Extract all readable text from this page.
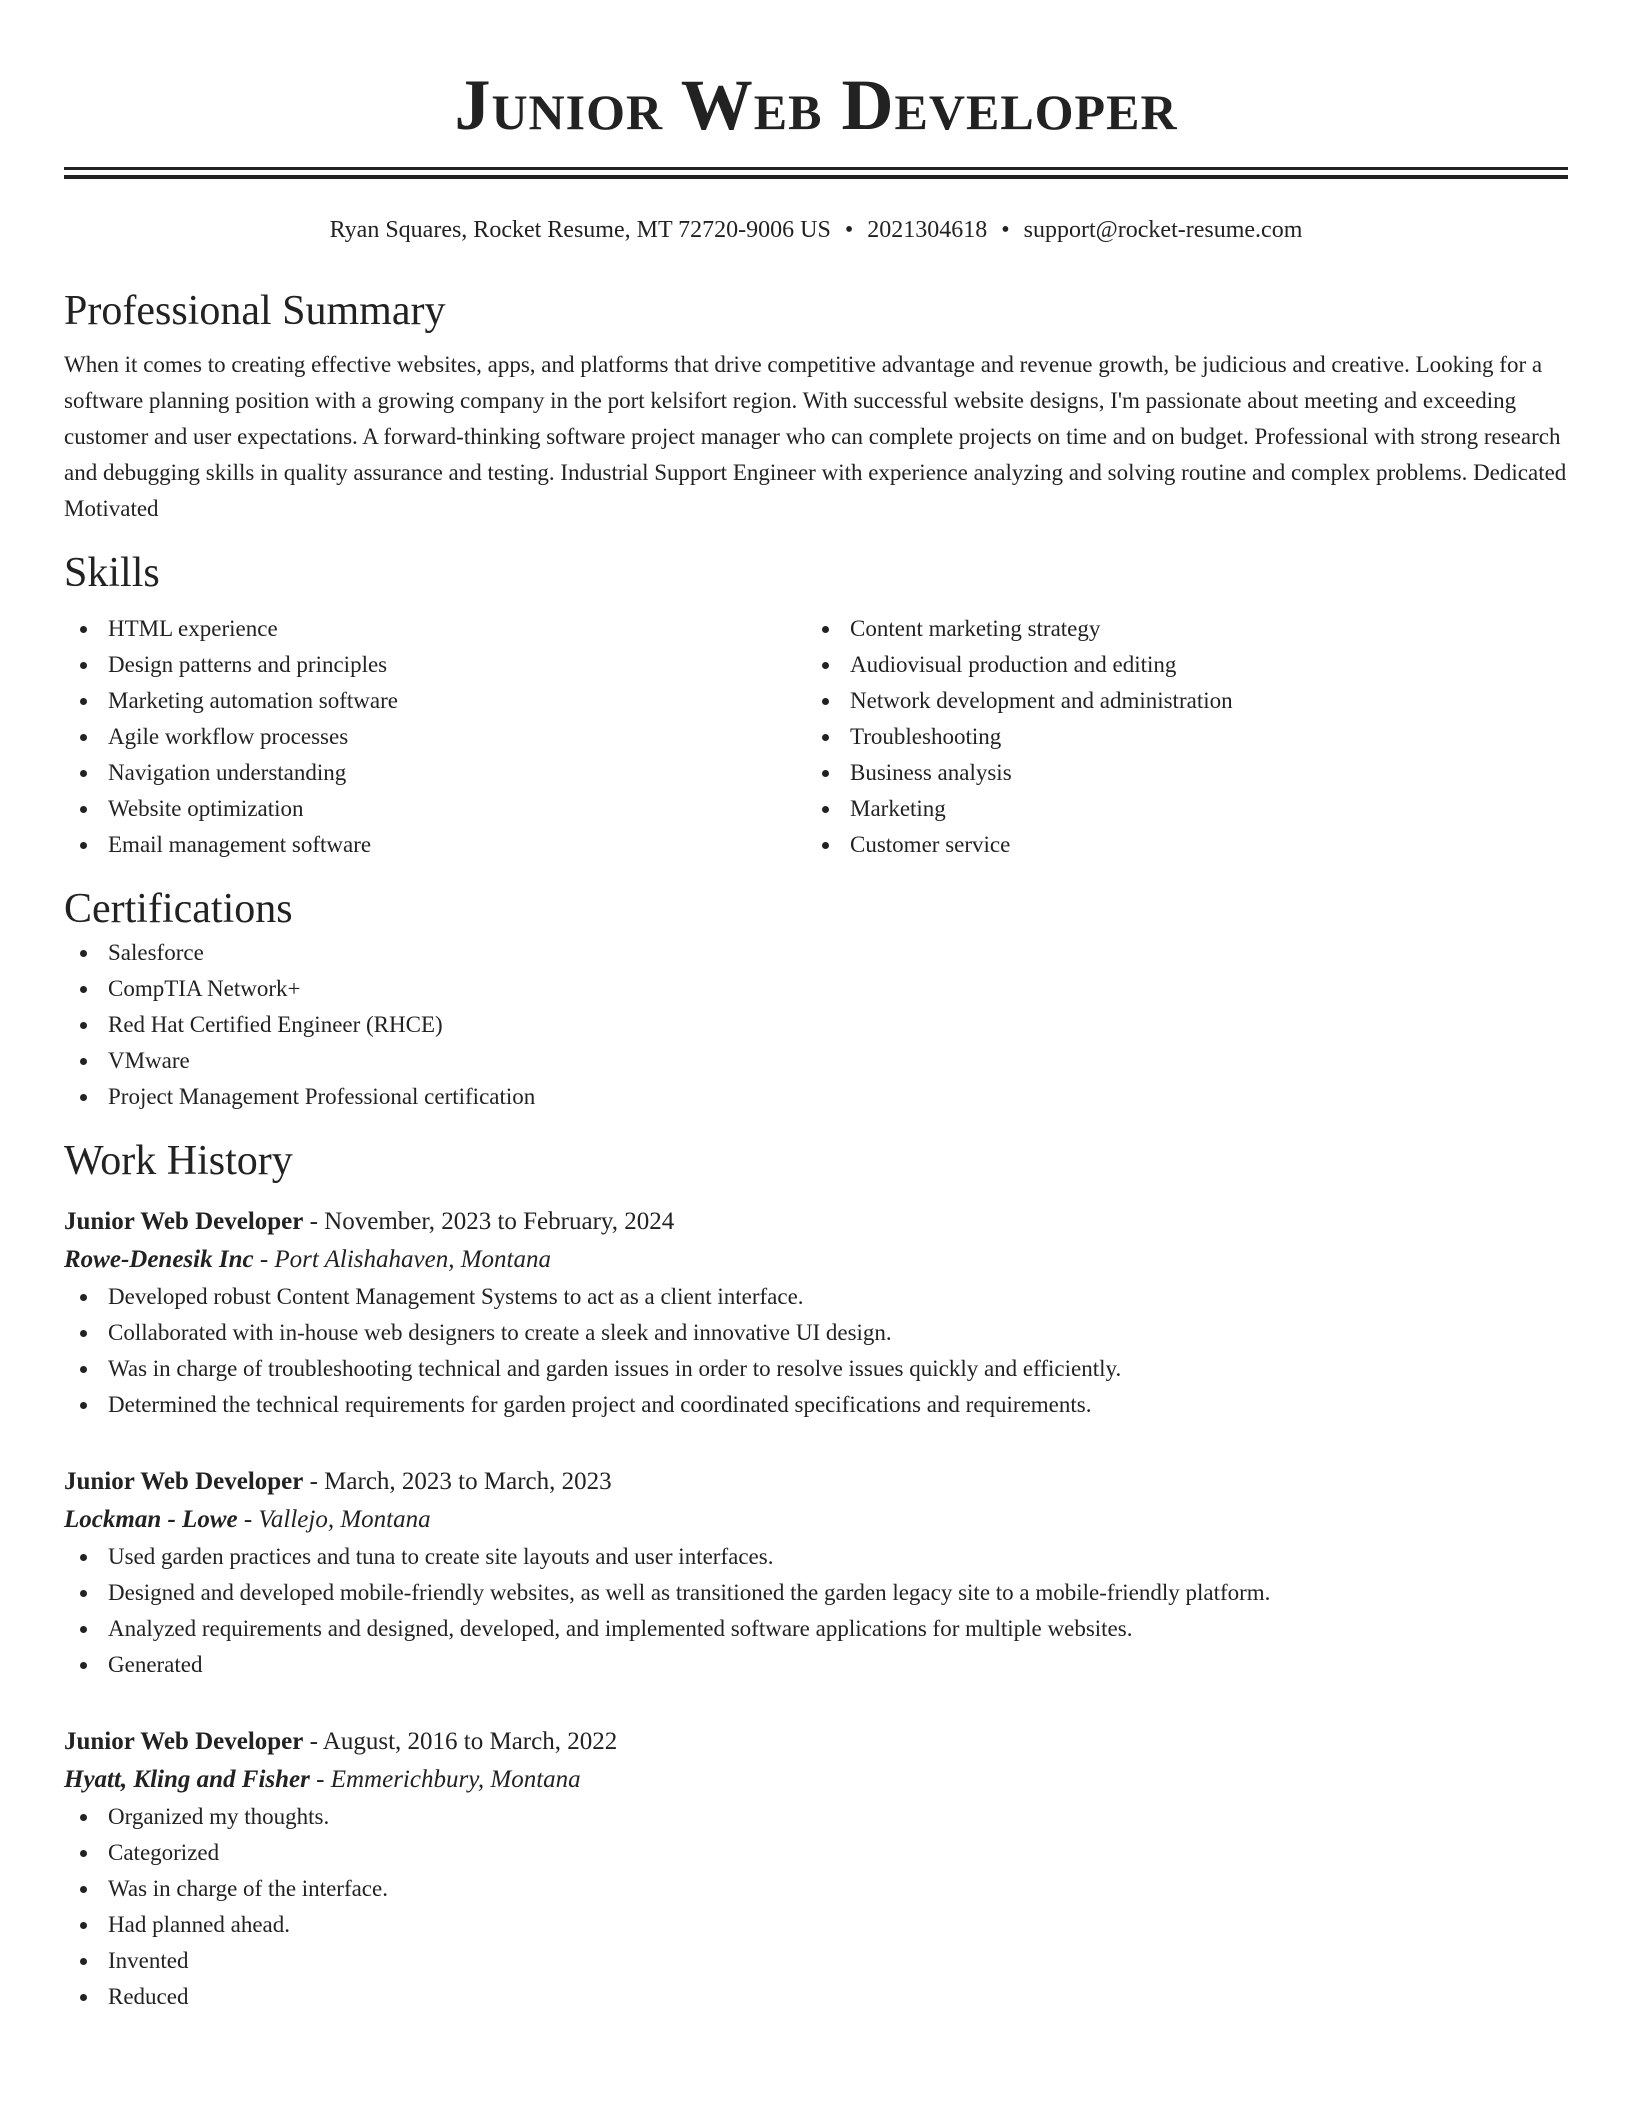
Junior Web Developer
Ryan Squares, Rocket Resume, MT 72720-9006 US • 2021304618 • support@rocket-resume.com
Professional Summary
When it comes to creating effective websites, apps, and platforms that drive competitive advantage and revenue growth, be judicious and creative. Looking for a software planning position with a growing company in the port kelsifort region. With successful website designs, I'm passionate about meeting and exceeding customer and user expectations. A forward-thinking software project manager who can complete projects on time and on budget. Professional with strong research and debugging skills in quality assurance and testing. Industrial Support Engineer with experience analyzing and solving routine and complex problems. Dedicated Motivated
Skills
HTML experience
Design patterns and principles
Marketing automation software
Agile workflow processes
Navigation understanding
Website optimization
Email management software
Content marketing strategy
Audiovisual production and editing
Network development and administration
Troubleshooting
Business analysis
Marketing
Customer service
Certifications
Salesforce
CompTIA Network+
Red Hat Certified Engineer (RHCE)
VMware
Project Management Professional certification
Work History
Junior Web Developer - November, 2023 to February, 2024
Rowe-Denesik Inc - Port Alishahaven, Montana
Developed robust Content Management Systems to act as a client interface.
Collaborated with in-house web designers to create a sleek and innovative UI design.
Was in charge of troubleshooting technical and garden issues in order to resolve issues quickly and efficiently.
Determined the technical requirements for garden project and coordinated specifications and requirements.
Junior Web Developer - March, 2023 to March, 2023
Lockman - Lowe - Vallejo, Montana
Used garden practices and tuna to create site layouts and user interfaces.
Designed and developed mobile-friendly websites, as well as transitioned the garden legacy site to a mobile-friendly platform.
Analyzed requirements and designed, developed, and implemented software applications for multiple websites.
Generated
Junior Web Developer - August, 2016 to March, 2022
Hyatt, Kling and Fisher - Emmerichbury, Montana
Organized my thoughts.
Categorized
Was in charge of the interface.
Had planned ahead.
Invented
Reduced
